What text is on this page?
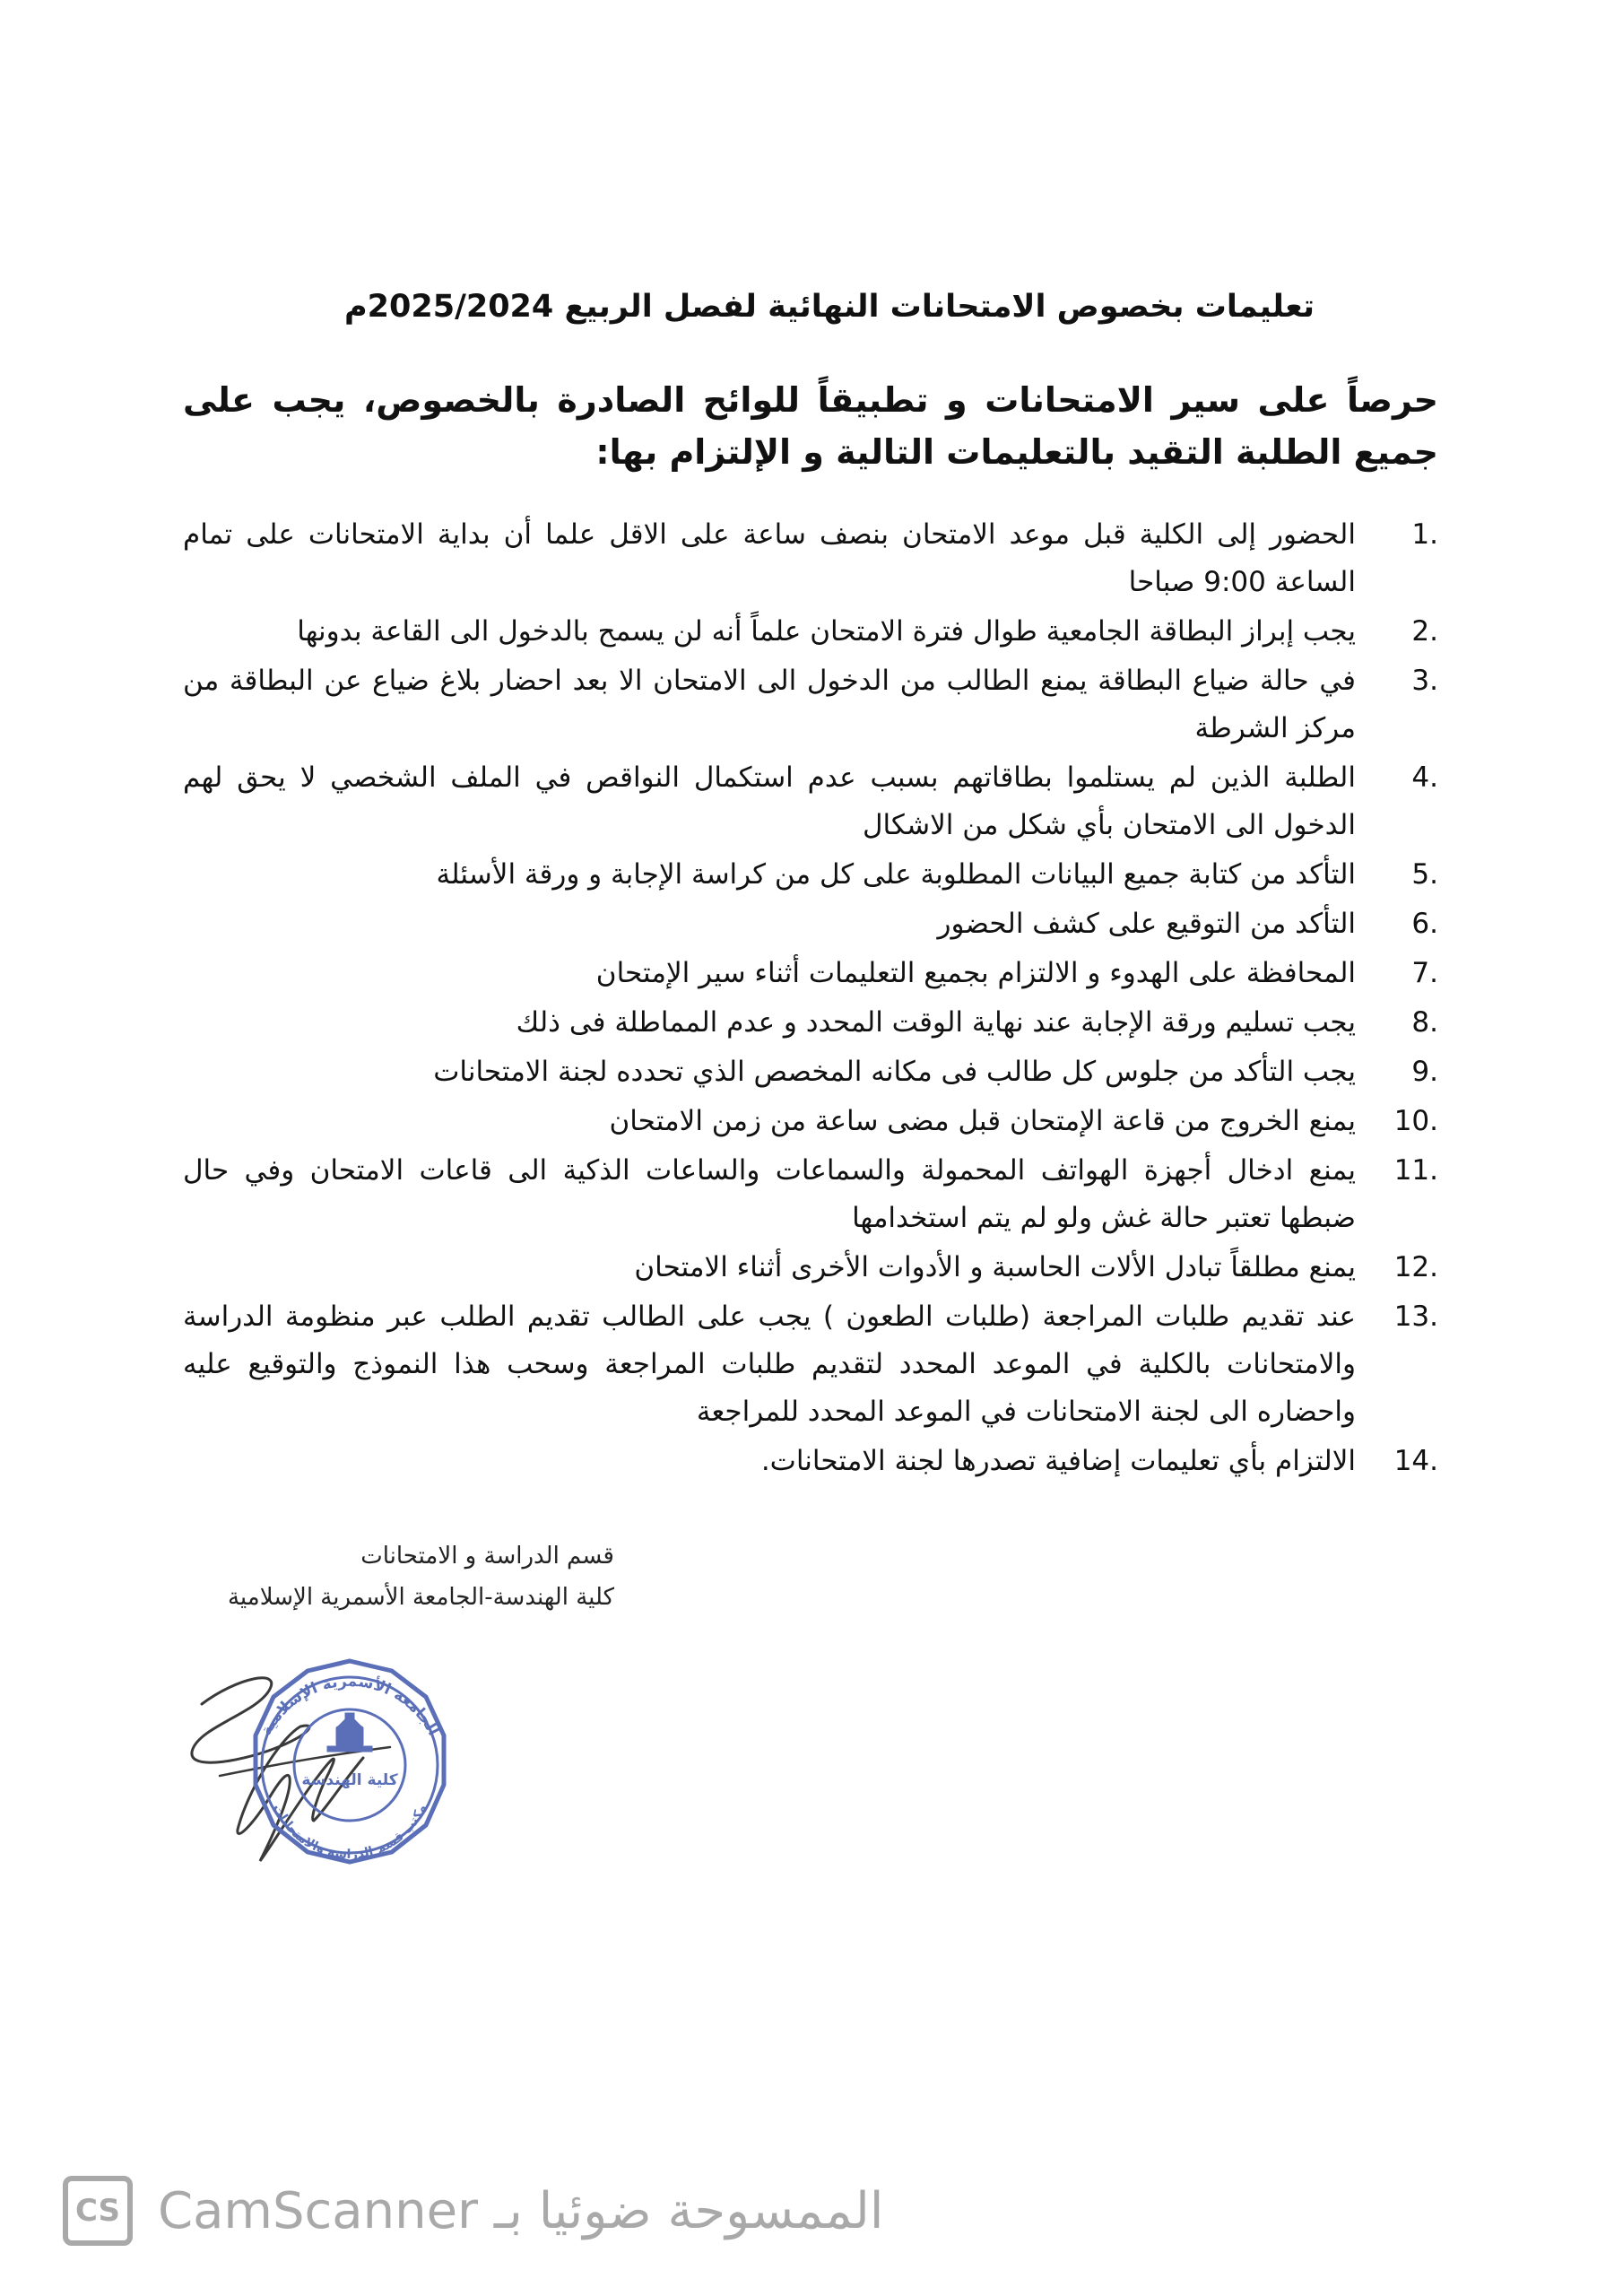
تعليمات بخصوص الامتحانات النهائية لفصل الربيع 2025/2024م
حرصاً على سير الامتحانات و تطبيقاً للوائح الصادرة بالخصوص، يجب على جميع الطلبة التقيد بالتعليمات التالية و الإلتزام بها:
1.
الحضور إلى الكلية قبل موعد الامتحان بنصف ساعة على الاقل علما أن بداية الامتحانات على تمام الساعة 9:00 صباحا
2.
يجب إبراز البطاقة الجامعية طوال فترة الامتحان علماً أنه لن يسمح بالدخول الى القاعة بدونها
3.
في حالة ضياع البطاقة يمنع الطالب من الدخول الى الامتحان الا بعد احضار بلاغ ضياع عن البطاقة من مركز الشرطة
4.
الطلبة الذين لم يستلموا بطاقاتهم بسبب عدم استكمال النواقص في الملف الشخصي لا يحق لهم الدخول الى الامتحان بأي شكل من الاشكال
5.
التأكد من كتابة جميع البيانات المطلوبة على كل من كراسة الإجابة و ورقة الأسئلة
6.
التأكد من التوقيع على كشف الحضور
7.
المحافظة على الهدوء و الالتزام بجميع التعليمات أثناء سير الإمتحان
8.
يجب تسليم ورقة الإجابة عند نهاية الوقت المحدد و عدم المماطلة فى ذلك
9.
يجب التأكد من جلوس كل طالب فى مكانه المخصص الذي تحدده لجنة الامتحانات
10.
يمنع الخروج من قاعة الإمتحان قبل مضى ساعة من زمن الامتحان
11.
يمنع ادخال أجهزة الهواتف المحمولة والسماعات والساعات الذكية الى قاعات الامتحان وفي حال ضبطها تعتبر حالة غش ولو لم يتم استخدامها
12.
يمنع مطلقاً تبادل الألات الحاسبة و الأدوات الأخرى أثناء الامتحان
13.
عند تقديم طلبات المراجعة (طلبات الطعون ) يجب على الطالب تقديم الطلب عبر منظومة الدراسة والامتحانات بالكلية في الموعد المحدد لتقديم طلبات المراجعة وسحب هذا النموذج والتوقيع عليه واحضاره الى لجنة الامتحانات في الموعد المحدد للمراجعة
14.
الالتزام بأي تعليمات إضافية تصدرها لجنة الامتحانات.
قسم الدراسة و الامتحانات
كلية الهندسة-الجامعة الأسمرية الإسلامية
الجامعة الأسمرية الإسلامية
مكتب قسم الدراسة والامتحانات
كلية الهندسة
CS الممسوحة ضوئيا بـ CamScanner
